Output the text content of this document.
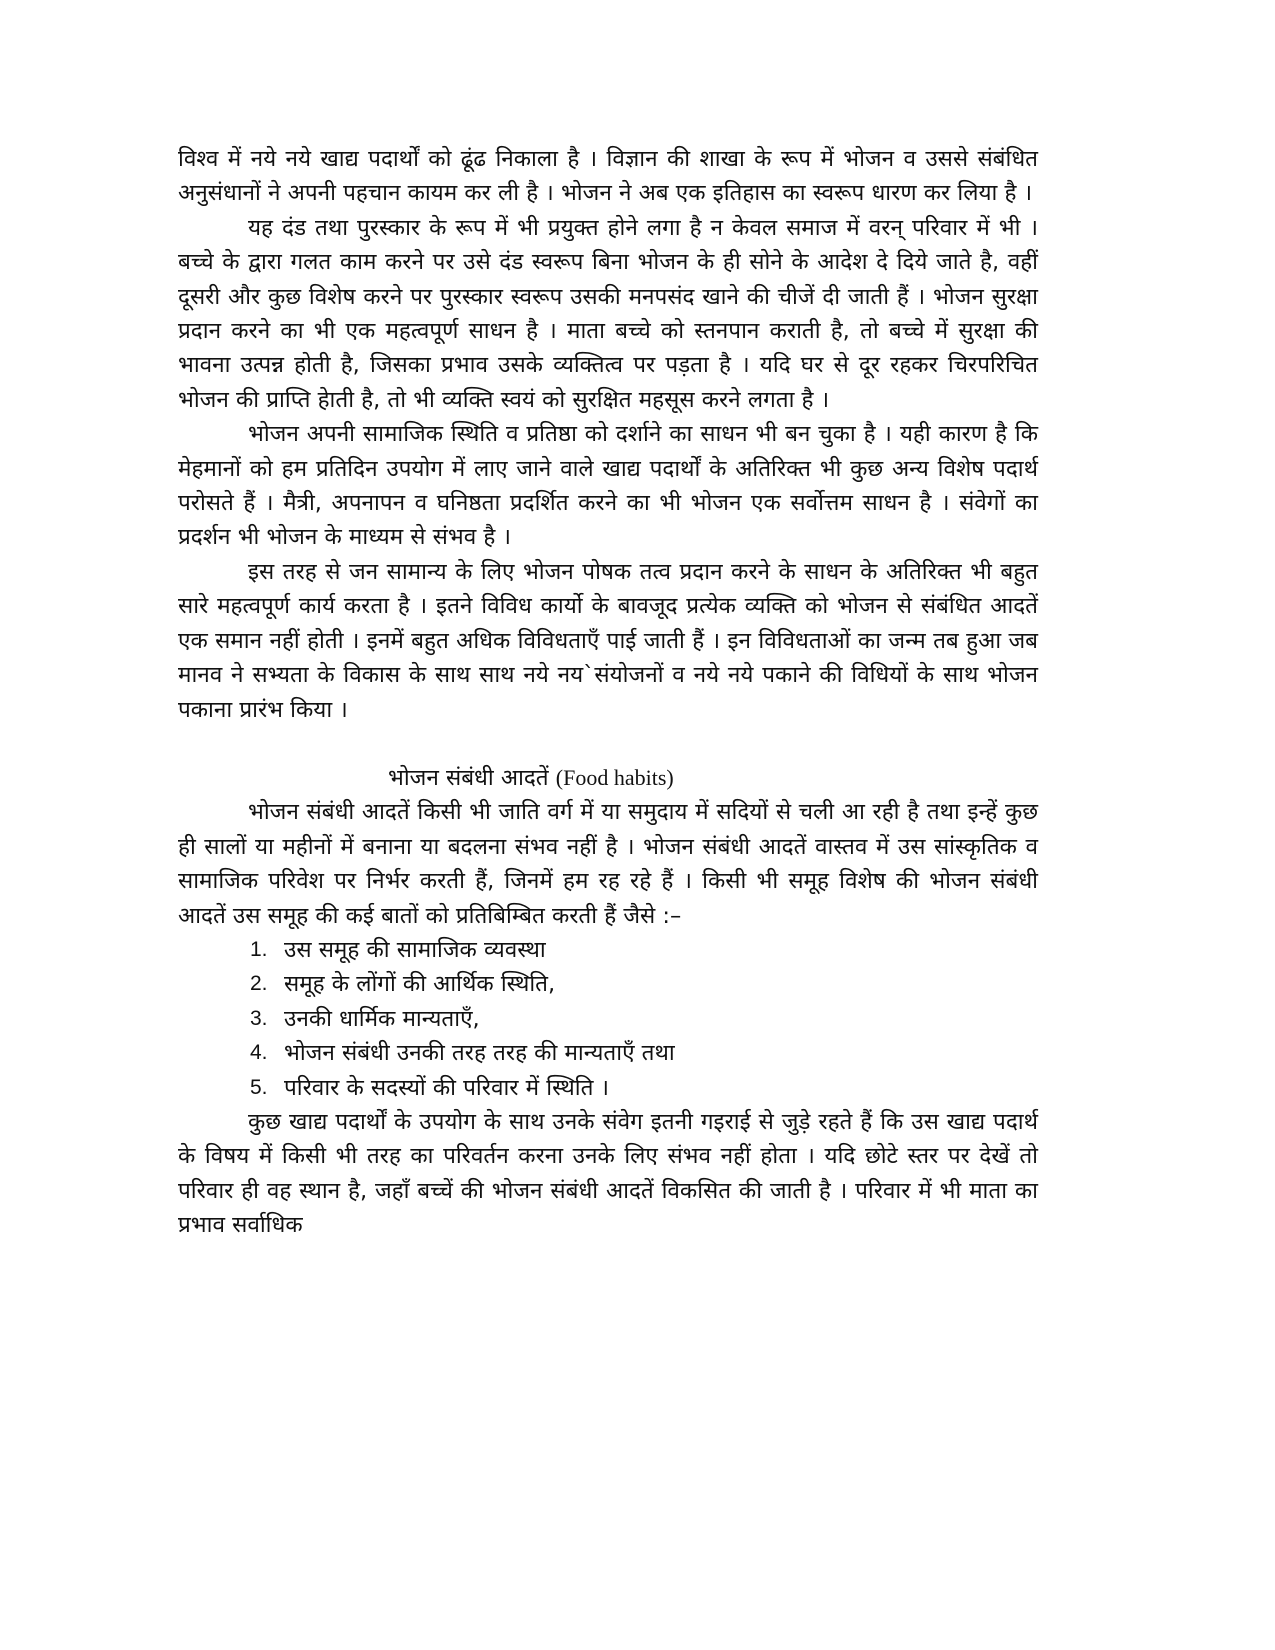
विश्व में नये नये खाद्य पदार्थों को ढूंढ निकाला है । विज्ञान की शाखा के रूप में भोजन व उससे संबंधित अनुसंधानों ने अपनी पहचान कायम कर ली है । भोजन ने अब एक इतिहास का स्वरूप धारण कर लिया है ।

यह दंड तथा पुरस्कार के रूप में भी प्रयुक्त होने लगा है न केवल समाज में वरन् परिवार में भी । बच्चे के द्वारा गलत काम करने पर उसे दंड स्वरूप बिना भोजन के ही सोने के आदेश दे दिये जाते है, वहीं दूसरी और कुछ विशेष करने पर पुरस्कार स्वरूप उसकी मनपसंद खाने की चीजें दी जाती हैं । भोजन सुरक्षा प्रदान करने का भी एक महत्वपूर्ण साधन है । माता बच्चे को स्तनपान कराती है, तो बच्चे में सुरक्षा की भावना उत्पन्न होती है, जिसका प्रभाव उसके व्यक्तित्व पर पड़ता है । यदि घर से दूर रहकर चिरपरिचित भोजन की प्राप्ति हेाती है, तो भी व्यक्ति स्वयं को सुरक्षित महसूस करने लगता है ।

भोजन अपनी सामाजिक स्थिति व प्रतिष्ठा को दर्शाने का साधन भी बन चुका है । यही कारण है कि मेहमानों को हम प्रतिदिन उपयोग में लाए जाने वाले खाद्य पदार्थों के अतिरिक्त भी कुछ अन्य विशेष पदार्थ परोसते हैं । मैत्री, अपनापन व घनिष्ठता प्रदर्शित करने का भी भोजन एक सर्वोत्तम साधन है । संवेगों का प्रदर्शन भी भोजन के माध्यम से संभव है ।

इस तरह से जन सामान्य के लिए भोजन पोषक तत्व प्रदान करने के साधन के अतिरिक्त भी बहुत सारे महत्वपूर्ण कार्य करता है । इतने विविध कार्यो के बावजूद प्रत्येक व्यक्ति को भोजन से संबंधित आदतें एक समान नहीं होती । इनमें बहुत अधिक विविधताएँ पाई जाती हैं । इन विविधताओं का जन्म तब हुआ जब मानव ने सभ्यता के विकास के साथ साथ नये नय`संयोजनों व नये नये पकाने की विधियों के साथ भोजन पकाना प्रारंभ किया ।

भोजन संबंधी आदतें (Food habits)

भोजन संबंधी आदतें किसी भी जाति वर्ग में या समुदाय में सदियों से चली आ रही है तथा इन्हें कुछ ही सालों या महीनों में बनाना या बदलना संभव नहीं है । भोजन संबंधी आदतें वास्तव में उस सांस्कृतिक व सामाजिक परिवेश पर निर्भर करती हैं, जिनमें हम रह रहे हैं । किसी भी समूह विशेष की भोजन संबंधी आदतें उस समूह की कई बातों को प्रतिबिम्बित करती हैं जैसे :–

1. उस समूह की सामाजिक व्यवस्था
2. समूह के लोंगों की आर्थिक स्थिति,
3. उनकी धार्मिक मान्यताएँ,
4. भोजन संबंधी उनकी तरह तरह की मान्यताएँ तथा
5. परिवार के सदस्यों की परिवार में स्थिति ।

कुछ खाद्य पदार्थों के उपयोग के साथ उनके संवेग इतनी गइराई से जुड़े रहते हैं कि उस खाद्य पदार्थ के विषय में किसी भी तरह का परिवर्तन करना उनके लिए संभव नहीं होता । यदि छोटे स्तर पर देखें तो परिवार ही वह स्थान है, जहाँ बच्चें की भोजन संबंधी आदतें विकसित की जाती है । परिवार में भी माता का प्रभाव सर्वाधिक
